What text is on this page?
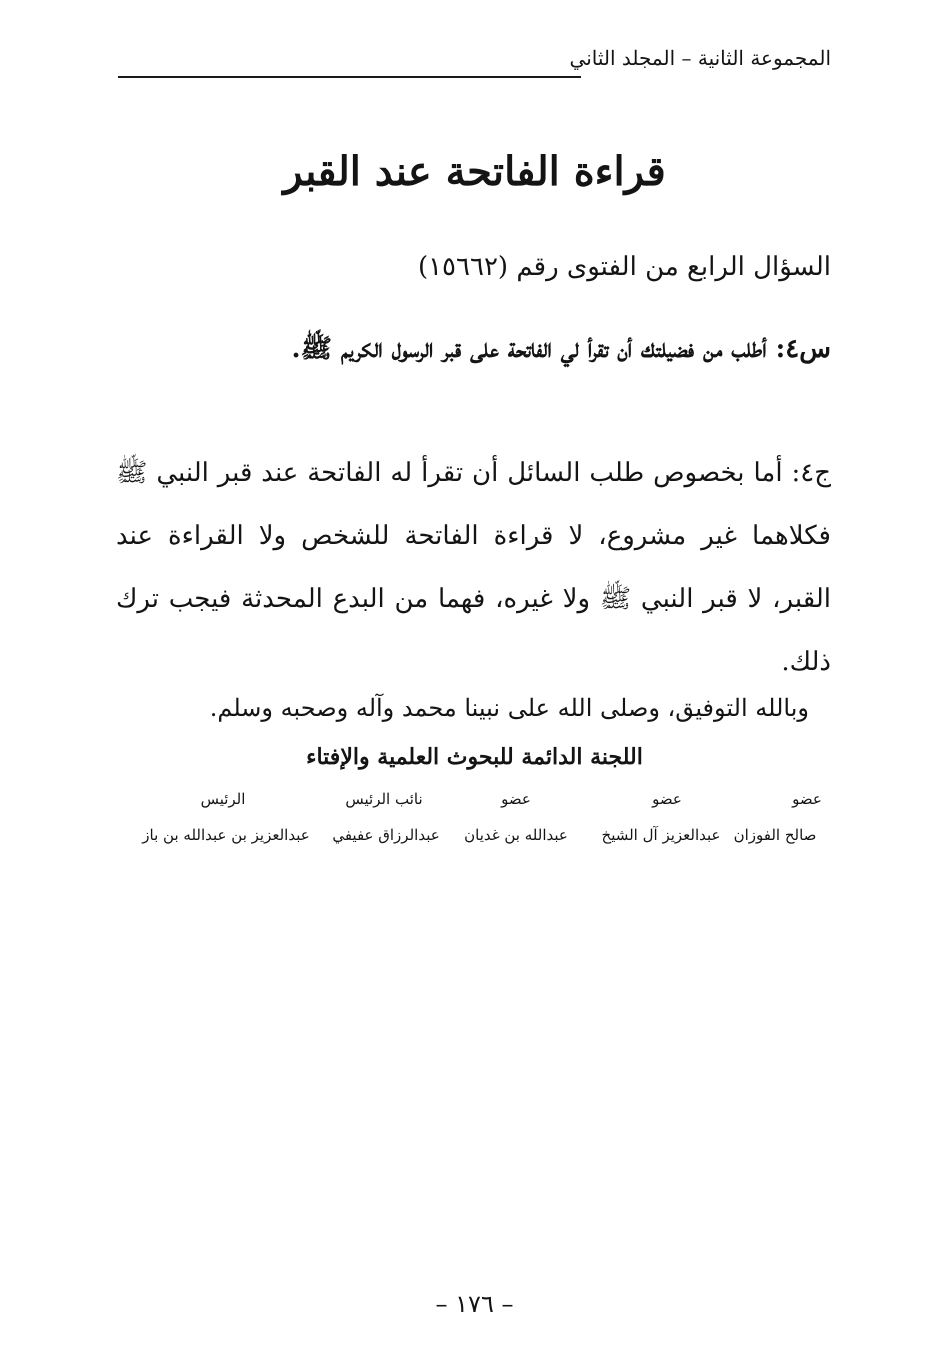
المجموعة الثانية – المجلد الثاني
قراءة الفاتحة عند القبر
السؤال الرابع من الفتوى رقم (١٥٦٦٢)
س٤: أطلب من فضيلتك أن تقرأ لي الفاتحة على قبر الرسول الكريم ﷺ.
ج٤: أما بخصوص طلب السائل أن تقرأ له الفاتحة عند قبر النبي ﷺ فكلاهما غير مشروع، لا قراءة الفاتحة للشخص ولا القراءة عند القبر، لا قبر النبي ﷺ ولا غيره، فهما من البدع المحدثة فيجب ترك ذلك.
وبالله التوفيق، وصلى الله على نبينا محمد وآله وصحبه وسلم.
اللجنة الدائمة للبحوث العلمية والإفتاء
عضو
عضو
عضو
نائب الرئيس
الرئيس
صالح الفوزان
عبدالعزيز آل الشيخ
عبدالله بن غديان
عبدالرزاق عفيفي
عبدالعزيز بن عبدالله بن باز
– ١٧٦ –
